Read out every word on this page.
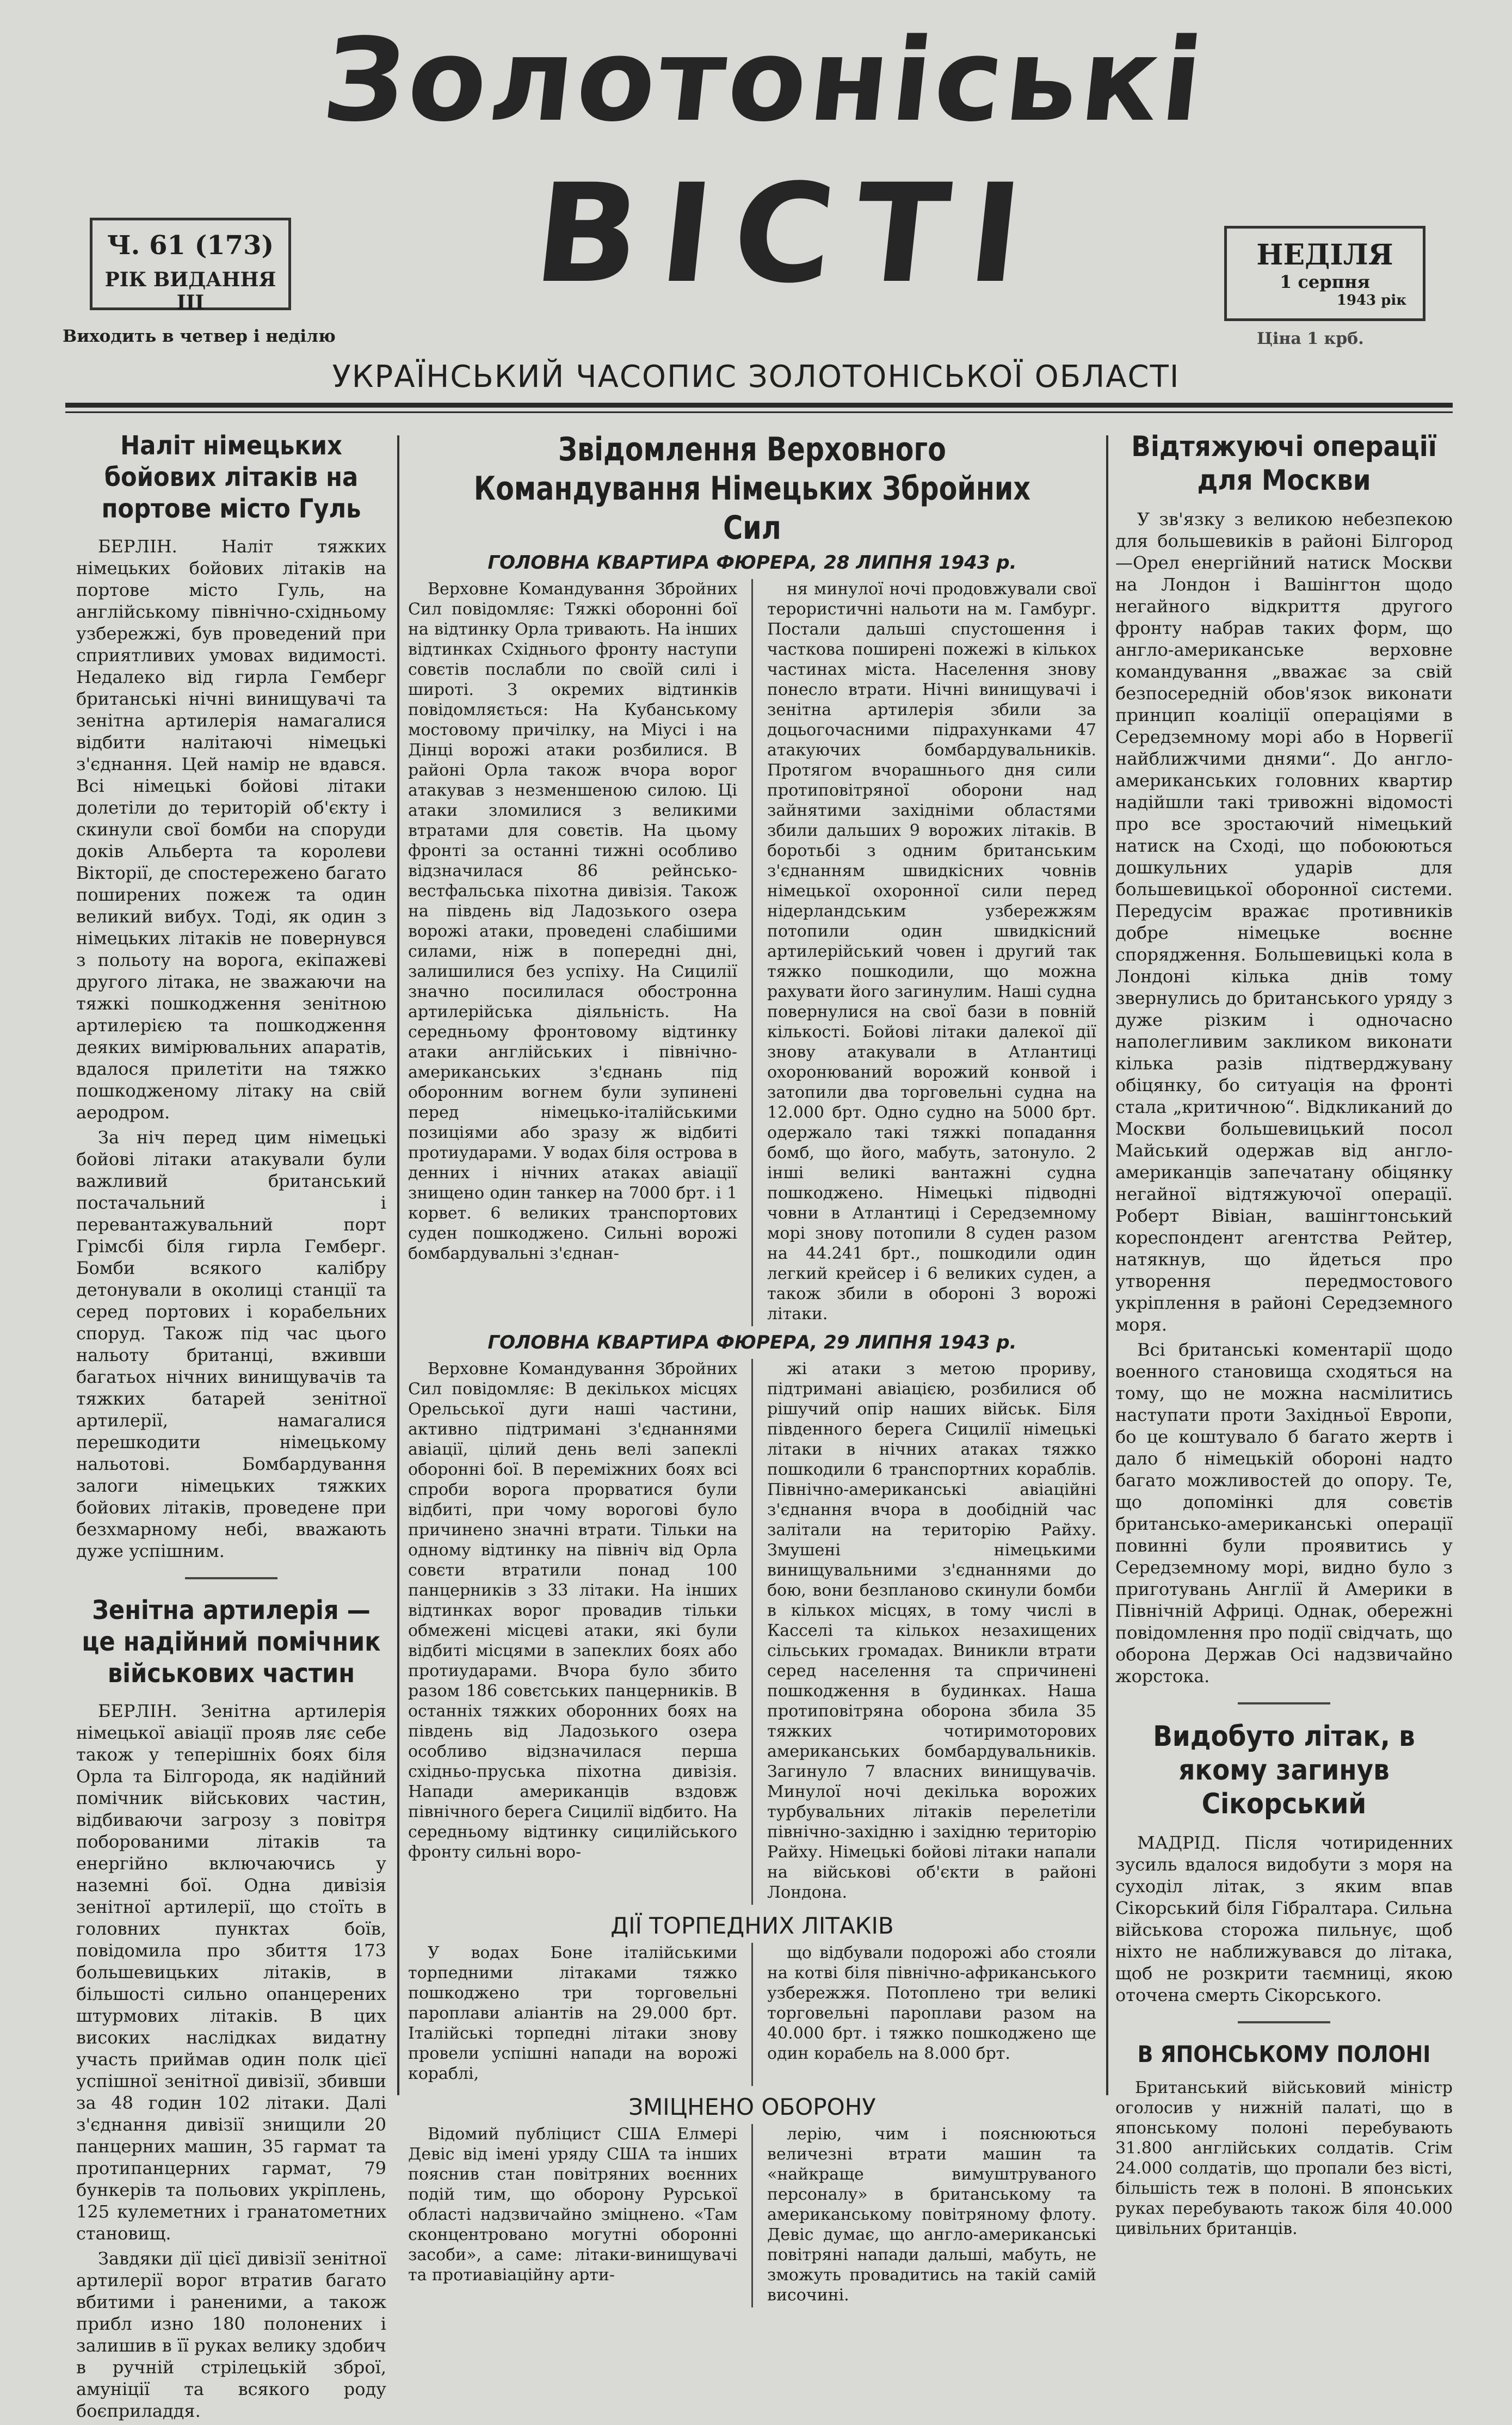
Золотоніські
ВІСТІ
Ч. 61 (173)
РІК ВИДАННЯ III
НЕДІЛЯ
1 серпня
1943 рік
Виходить в четвер і неділю	Ціна 1 крб.
УКРАЇНСЬКИЙ ЧАСОПИС ЗОЛОТОНІСЬКОЇ ОБЛАСТІ
Наліт німецьких бойових літаків на портове місто Гуль

БЕРЛІН. Наліт тяжких німецьких бойових літаків на портове місто Гуль, на англійському північно-східньому узбережжі, був проведений при сприятливих умовах видимості. Недалеко від гирла Гемберг британські нічні винищувачі та зенітна артилерія намагалися відбити налітаючі німецькі з'єднання. Цей намір не вдався. Всі німецькі бойові літаки долетіли до територій об'єкту і скинули свої бомби на споруди доків Альберта та королеви Вікторії, де спостережено багато поширених пожеж та один великий вибух. Тоді, як один з німецьких літаків не повернувся з польоту на ворога, екіпажеві другого літака, не зважаючи на тяжкі пошкодження зенітною артилерією та пошкодження деяких вимірювальних апаратів, вдалося прилетіти на тяжко пошкодженому літаку на свій аеродром.

За ніч перед цим німецькі бойові літаки атакували були важливий британський постачальний і перевантажувальний порт Грімсбі біля гирла Гемберг. Бомби всякого калібру детонували в околиці станції та серед портових і корабельних споруд. Також під час цього нальоту британці, вживши багатьох нічних винищувачів та тяжких батарей зенітної артилерії, намагалися перешкодити німецькому нальотові. Бомбардування залоги німецьких тяжких бойових літаків, проведене при безхмарному небі, вважають дуже успішним.

Зенітна артилерія — це надійний помічник військових частин

БЕРЛІН. Зенітна артилерія німецької авіації прояв ляє себе також у теперішніх боях біля Орла та Білгорода, як надійний помічник військових частин, відбиваючи загрозу з повітря поборованими літаків та енергійно включаючись у наземні бої. Одна дивізія зенітної артилерії, що стоїть в головних пунктах боїв, повідомила про збиття 173 большевицьких літаків, в більшості сильно опанцерених штурмових літаків. В цих високих наслідках видатну участь приймав один полк цієї успішної зенітної дивізії, збивши за 48 годин 102 літаки. Далі з'єднання дивізії знищили 20 панцерних машин, 35 гармат та протипанцерних гармат, 79 бункерів та польових укріплень, 125 кулеметних і гранатометних становищ.

Завдяки дії цієї дивізії зенітної артилерії ворог втратив багато вбитими і раненими, а також прибл изно 180 полонених і залишив в її руках велику здобич в ручній стрілецькій зброї, амуніції та всякого роду боєприладдя.

Звідомлення Верховного Командування Німецьких Збройних Сил
ГОЛОВНА КВАРТИРА ФЮРЕРА, 28 ЛИПНЯ 1943 р.

Верховне Командування Збройних Сил повідомляє: Тяжкі оборонні бої на відтинку Орла тривають. На інших відтинках Східнього фронту наступи совєтів послабли по своїй силі і широті. З окремих відтинків повідомляється: На Кубанському мостовому причілку, на Міусі і на Дінці ворожі атаки розбилися. В районі Орла також вчора ворог атакував з незменшеною силою. Ці атаки зломилися з великими втратами для совєтів. На цьому фронті за останні тижні особливо відзначилася 86 рейнсько-вестфальська піхотна дивізія. Також на південь від Ладозького озера ворожі атаки, проведені слабішими силами, ніж в попередні дні, залишилися без успіху. На Сицилії значно посилилася обостронна артилерійська діяльність. На середньому фронтовому відтинку атаки англійських і північно-американських з'єднань під оборонним вогнем були зупинені перед німецько-італійськими позиціями або зразу ж відбиті протиударами. У водах біля острова в денних і нічних атаках авіації знищено один танкер на 7000 брт. і 1 корвет. 6 великих транспортових суден пошкоджено. Сильні ворожі бомбардувальні з'єднан-

ня минулої ночі продовжували свої терористичні нальоти на м. Гамбург. Постали дальші спустошення і часткова поширені пожежі в кількох частинах міста. Населення знову понесло втрати. Нічні винищувачі і зенітна артилерія збили за доцьогочасними підрахунками 47 атакуючих бомбардувальників. Протягом вчорашнього дня сили протиповітряної оборони над зайнятими західніми областями збили дальших 9 ворожих літаків. В боротьбі з одним британським з'єднанням швидкісних човнів німецької охоронної сили перед нідерландським узбережжям потопили один швидкісний артилерійський човен і другий так тяжко пошкодили, що можна рахувати його загинулим. Наші судна повернулися на свої бази в повній кількості. Бойові літаки далекої дії знову атакували в Атлантиці охоронюваний ворожий конвой і затопили два торговельні судна на 12.000 брт. Одно судно на 5000 брт. одержало такі тяжкі попадання бомб, що його, мабуть, затонуло. 2 інші великі вантажні судна пошкоджено. Німецькі підводні човни в Атлантиці і Середземному морі знову потопили 8 суден разом на 44.241 брт., пошкодили один легкий крейсер і 6 великих суден, а також збили в обороні 3 ворожі літаки.

ГОЛОВНА КВАРТИРА ФЮРЕРА, 29 ЛИПНЯ 1943 р.

Верховне Командування Збройних Сил повідомляє: В декількох місцях Орельської дуги наші частини, активно підтримані з'єднаннями авіації, цілий день велі запеклі оборонні бої. В переміжних боях всі спроби ворога прорватися були відбиті, при чому ворогові було причинено значні втрати. Тільки на одному відтинку на північ від Орла совєти втратили понад 100 панцерників з 33 літаки. На інших відтинках ворог провадив тільки обмежені місцеві атаки, які були відбиті місцями в запеклих боях або протиударами. Вчора було збито разом 186 совєтських панцерників. В останніх тяжких оборонних боях на південь від Ладозького озера особливо відзначилася перша східньо-пруська піхотна дивізія. Напади американців вздовж північного берега Сицилії відбито. На середньому відтинку сицилійського фронту сильні воро-

жі атаки з метою прориву, підтримані авіацією, розбилися об рішучий опір наших військ. Біля південного берега Сицилії німецькі літаки в нічних атаках тяжко пошкодили 6 транспортних кораблів. Північно-американські авіаційні з'єднання вчора в дообідній час залітали на територію Райху. Змушені німецькими винищувальними з'єднаннями до бою, вони безпланово скинули бомби в кількох місцях, в тому числі в Касселі та кількох незахищених сільських громадах. Виникли втрати серед населення та спричинені пошкодження в будинках. Наша протиповітряна оборона збила 35 тяжких чотиримоторових американських бомбардувальників. Загинуло 7 власних винищувачів. Минулої ночі декілька ворожих турбувальних літаків перелетіли північно-західню і західню територію Райху. Німецькі бойові літаки напали на військові об'єкти в районі Лондона.

ДІЇ ТОРПЕДНИХ ЛІТАКІВ

У водах Боне італійськими торпедними літаками тяжко пошкоджено три торговельні пароплави аліантів на 29.000 брт. Італійські торпедні літаки знову провели успішні напади на ворожі кораблі,

що відбували подорожі або стояли на котві біля північно-африканського узбережжя. Потоплено три великі торговельні пароплави разом на 40.000 брт. і тяжко пошкоджено ще один корабель на 8.000 брт.

ЗМІЦНЕНО ОБОРОНУ

Відомий публіцист США Елмері Девіс від імені уряду США та інших пояснив стан повітряних воєнних подій тим, що оборону Рурської області надзвичайно зміцнено. «Там сконцентровано могутні оборонні засоби», а саме: літаки-винищувачі та протиавіаційну арти-

лерію, чим і пояснюються величезні втрати машин та «найкраще вимуштруваного персоналу» в британському та американському повітряному флоту. Девіс думає, що англо-американські повітряні напади дальші, мабуть, не зможуть провадитись на такій самій височині.

Відтяжуючі операції для Москви

У зв'язку з великою небезпекою для большевиків в районі Білгород—Орел енергійний натиск Москви на Лондон і Вашінгтон щодо негайного відкриття другого фронту набрав таких форм, що англо-американське верховне командування „вважає за свій безпосередній обов'язок виконати принцип коаліції операціями в Середземному морі або в Норвегії найближчими днями“. До англо-американських головних квартир надійшли такі тривожні відомості про все зростаючий німецький натиск на Сході, що побоюються дошкульних ударів для большевицької оборонної системи. Передусім вражає противників добре німецьке воєнне спорядження. Большевицькі кола в Лондоні кілька днів тому звернулись до британського уряду з дуже різким і одночасно наполегливим закликом виконати кілька разів підтверджувану обіцянку, бо ситуація на фронті стала „критичною“. Відкликаний до Москви большевицький посол Майський одержав від англо-американців запечатану обіцянку негайної відтяжуючої операції. Роберт Вівіан, вашінгтонський кореспондент агентства Рейтер, натякнув, що йдеться про утворення передмостового укріплення в районі Середземного моря.

Всі британські коментарії щодо военного становища сходяться на тому, що не можна насмілитись наступати проти Західньої Европи, бо це коштувало б багато жертв і дало б німецькій обороні надто багато можливостей до опору. Те, що допомінкі для совєтів британсько-американські операції повинні були проявитись у Середземному морі, видно було з приготувань Англії й Америки в Північній Африці. Однак, обережні повідомлення про події свідчать, що оборона Держав Осі надзвичайно жорстока.

Видобуто літак, в якому загинув Сікорський

МАДРІД. Після чотириденних зусиль вдалося видобути з моря на суходіл літак, з яким впав Сікорський біля Гібралтара. Сильна військова сторожа пильнує, щоб ніхто не наближувався до літака, щоб не розкрити таємниці, якою оточена смерть Сікорського.

В ЯПОНСЬКОМУ ПОЛОНІ

Британський військовий міністр оголосив у нижній палаті, що в японському полоні перебувають 31.800 англійських солдатів. Crім 24.000 солдатів, що пропали без вісті, більшість теж в полоні. В японських руках перебувають також біля 40.000 цивільних британців.
